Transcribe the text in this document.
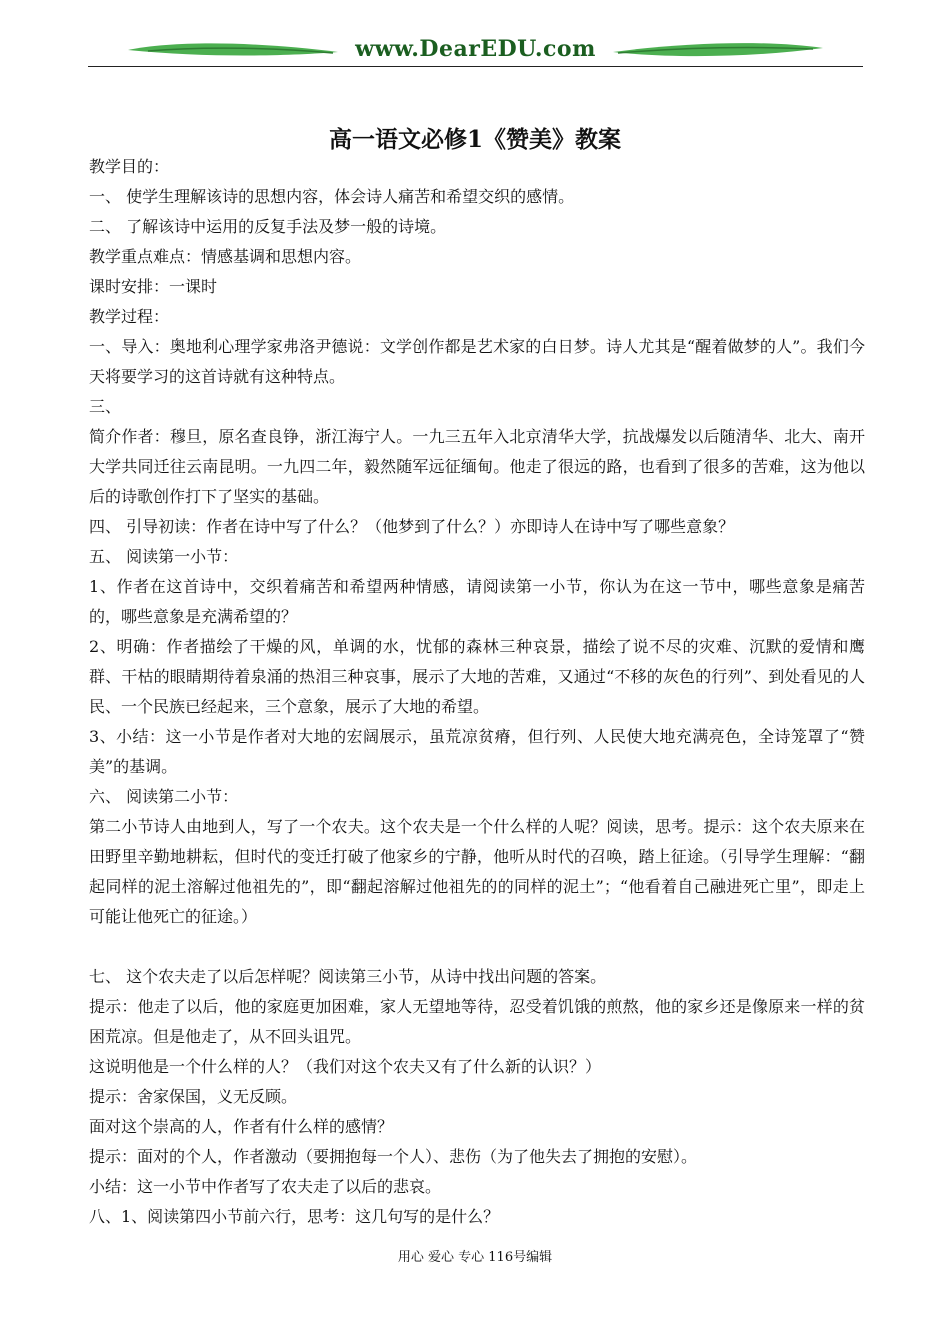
www.DearEDU.com
高一语文必修1《赞美》教案

教学目的：

一、 使学生理解该诗的思想内容，体会诗人痛苦和希望交织的感情。

二、 了解该诗中运用的反复手法及梦一般的诗境。

教学重点难点：情感基调和思想内容。

课时安排：一课时

教学过程：

一、导入：奥地利心理学家弗洛尹德说：文学创作都是艺术家的白日梦。诗人尤其是“醒着做梦的人”。我们今天将要学习的这首诗就有这种特点。

三、

简介作者：穆旦，原名查良铮，浙江海宁人。一九三五年入北京清华大学，抗战爆发以后随清华、北大、南开大学共同迁往云南昆明。一九四二年，毅然随军远征缅甸。他走了很远的路，也看到了很多的苦难，这为他以后的诗歌创作打下了坚实的基础。

四、 引导初读：作者在诗中写了什么？（他梦到了什么？）亦即诗人在诗中写了哪些意象？

五、 阅读第一小节：

1、作者在这首诗中，交织着痛苦和希望两种情感，请阅读第一小节，你认为在这一节中，哪些意象是痛苦的，哪些意象是充满希望的？

2、明确：作者描绘了干燥的风，单调的水，忧郁的森林三种哀景，描绘了说不尽的灾难、沉默的爱情和鹰群、干枯的眼睛期待着泉涌的热泪三种哀事，展示了大地的苦难，又通过“不移的灰色的行列”、到处看见的人民、一个民族已经起来，三个意象，展示了大地的希望。

3、小结：这一小节是作者对大地的宏阔展示，虽荒凉贫瘠，但行列、人民使大地充满亮色，全诗笼罩了“赞美”的基调。

六、 阅读第二小节：

第二小节诗人由地到人，写了一个农夫。这个农夫是一个什么样的人呢？阅读，思考。提示：这个农夫原来在田野里辛勤地耕耘，但时代的变迁打破了他家乡的宁静，他听从时代的召唤，踏上征途。（引导学生理解：“翻起同样的泥土溶解过他祖先的”，即“翻起溶解过他祖先的的同样的泥土”；“他看着自己融进死亡里”，即走上可能让他死亡的征途。）

七、 这个农夫走了以后怎样呢？阅读第三小节，从诗中找出问题的答案。

提示：他走了以后，他的家庭更加困难，家人无望地等待，忍受着饥饿的煎熬，他的家乡还是像原来一样的贫困荒凉。但是他走了，从不回头诅咒。

这说明他是一个什么样的人？（我们对这个农夫又有了什么新的认识？）

提示：舍家保国，义无反顾。

面对这个崇高的人，作者有什么样的感情？

提示：面对的个人，作者激动（要拥抱每一个人）、悲伤（为了他失去了拥抱的安慰）。

小结：这一小节中作者写了农夫走了以后的悲哀。

八、1、阅读第四小节前六行，思考：这几句写的是什么？

用心 爱心 专心 116号编辑
